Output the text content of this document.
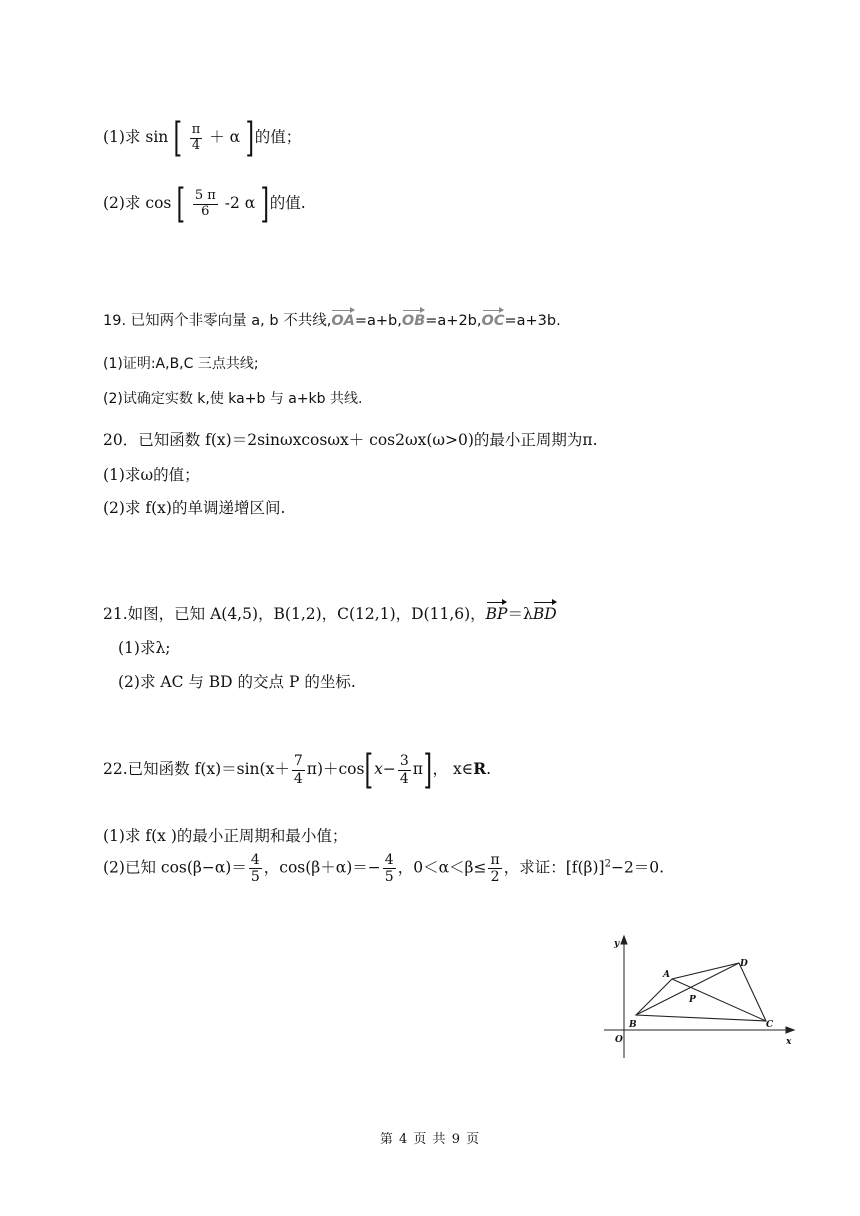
(1)求 sin [ $\frac{\pi}{4} + \alpha$ ]的值；
(2)求 cos [ $\frac{5 \pi}{6} -2$ α ]的值.
19. 已知两个非零向量 a, b 不共线,OA=a+b,OB=a+2b,OC=a+3b.
(1)证明:A,B,C 三点共线;
(2)试确定实数 k,使 ka+b 与 a+kb 共线.
20．已知函数 f(x)＝2sinωxcosωx＋ cos2ωx(ω>0)的最小正周期为π.
(1)求ω的值；
(2)求 f(x)的单调递增区间.
21.如图，已知 A(4,5)，B(1,2)，C(12,1)，D(11,6)，BP＝λBD
(1)求λ;
(2)求 AC 与 BD 的交点 P 的坐标.
22.已知函数 $f(x)=\sin(x+ \frac{7}{4} \pi)+\cos[x- \frac{3}{4} \pi]$， x∈R.
(1)求 f(x )的最小正周期和最小值；
(2)已知 $\cos(\beta-\alpha)= \frac{4}{5}$ ，$\cos(\beta+\alpha)=- \frac{4}{5}$ ，$0<\alpha<\beta\le \frac{\pi}{2}$ ，求证：$[f(\beta)]^2-2=0$.
y
x
O
A
B	C
D
P
第 4 页 共 9 页
